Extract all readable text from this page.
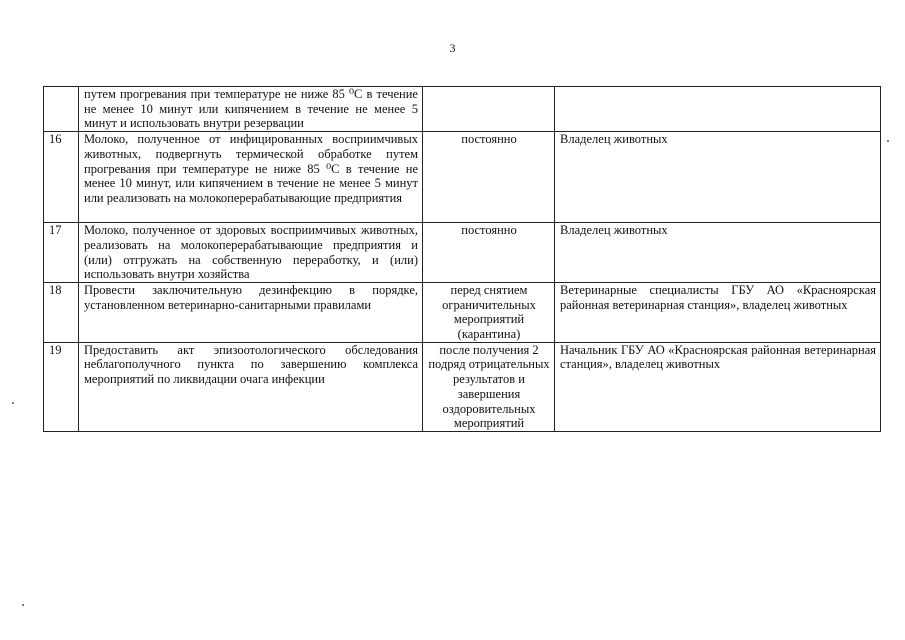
3
	путем прогревания при температуре не ниже 85 ⁰C в течение не менее 10 минут или кипячением в течение не менее 5 минут и использовать внутри резервации		
16	Молоко, полученное от инфицированных восприимчивых животных, подвергнуть термической обработке путем прогревания при температуре не ниже 85 ⁰C в течение не менее 10 минут, или кипячением в течение не менее 5 минут или реализовать на молокоперерабатывающие предприятия	постоянно	Владелец животных
17	Молоко, полученное от здоровых восприимчивых животных, реализовать на молокоперерабатывающие предприятия и (или) отгружать на собственную переработку, и (или) использовать внутри хозяйства	постоянно	Владелец животных
18	Провести заключительную дезинфекцию в порядке, установленном ветеринарно-санитарными правилами	перед снятием ограничительных мероприятий (карантина)	Ветеринарные специалисты ГБУ АО «Красноярская районная ветеринарная станция», владелец животных
19	Предоставить акт эпизоотологического обследования неблагополучного пункта по завершению комплекса мероприятий по ликвидации очага инфекции	после получения 2 подряд отрицательных результатов и завершения оздоровительных мероприятий	Начальник ГБУ АО «Красноярская районная ветеринарная станция», владелец животных
